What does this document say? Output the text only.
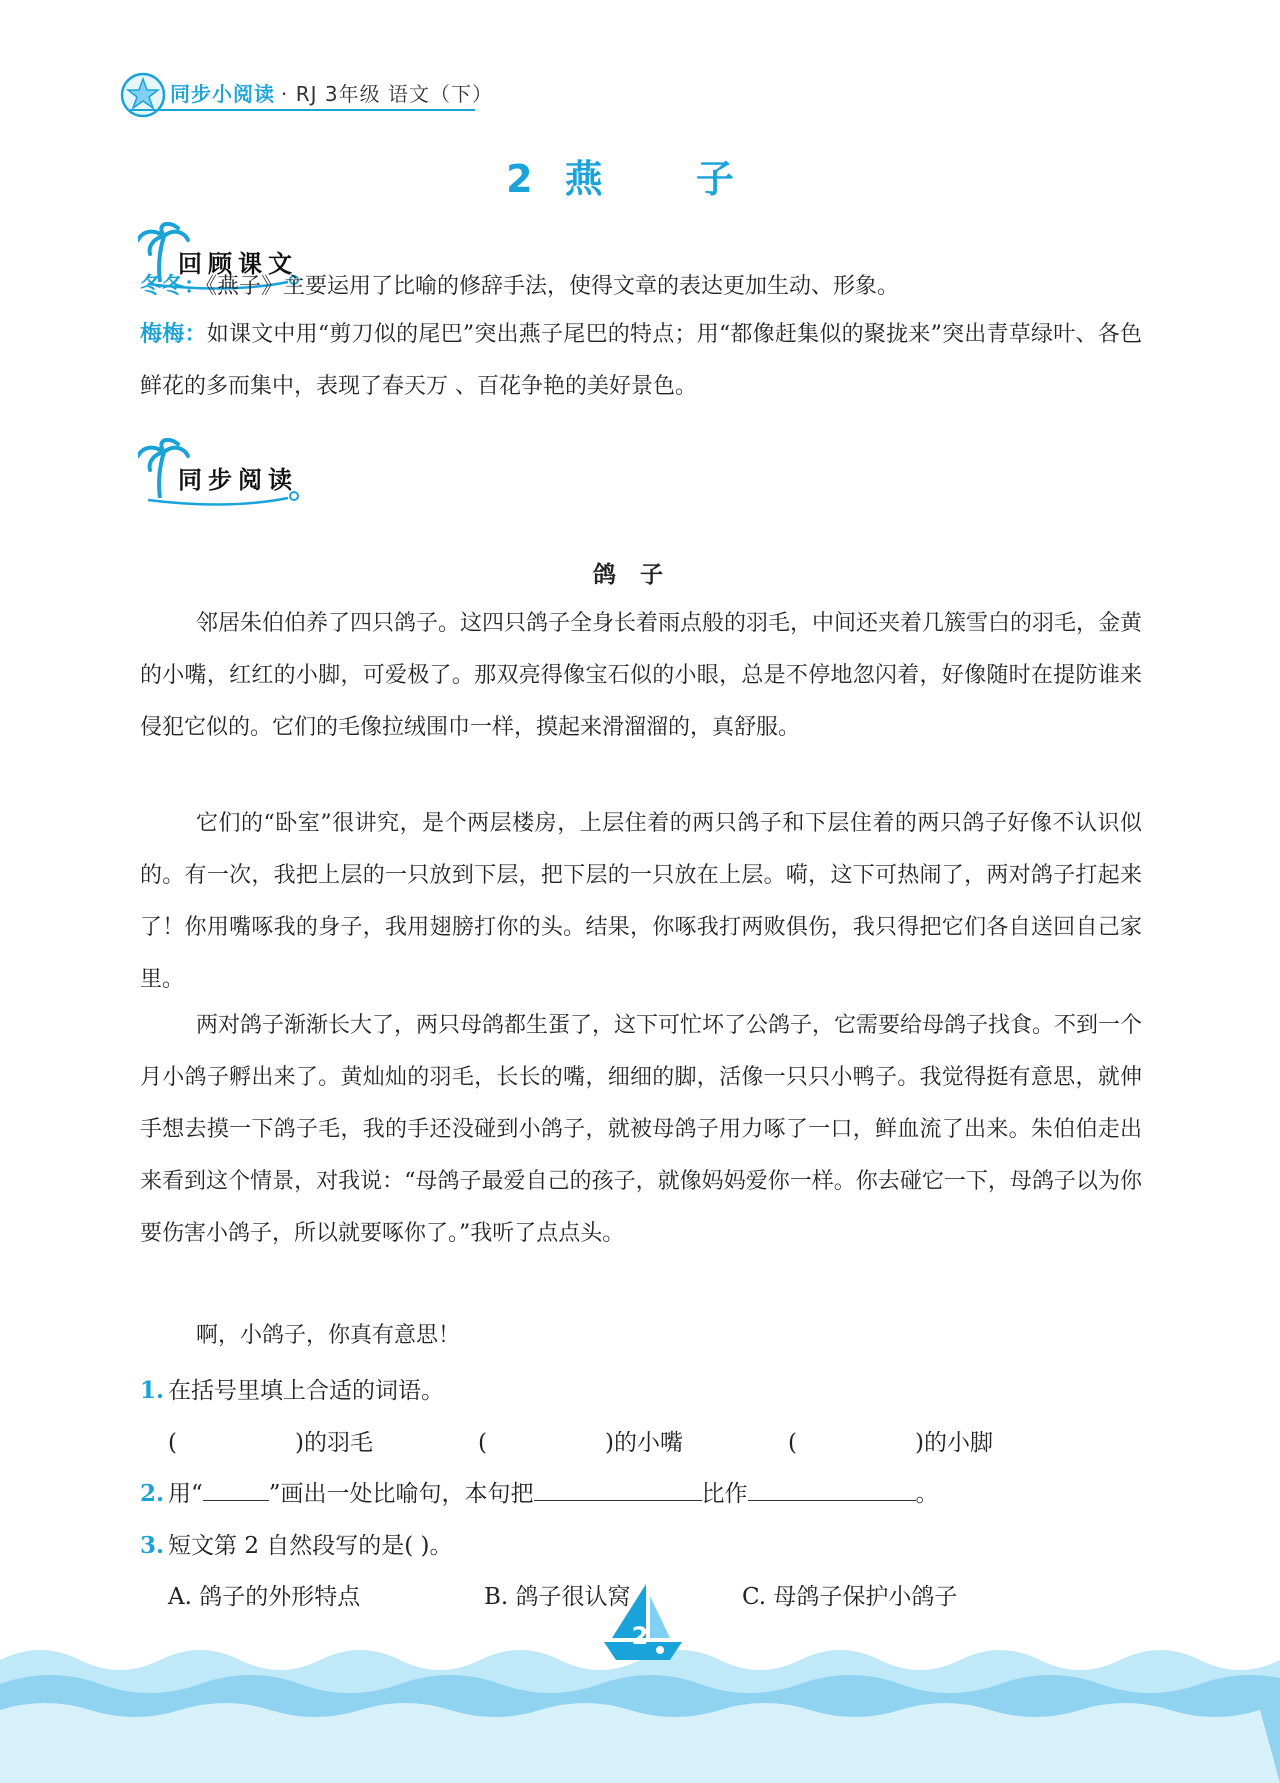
同步小阅读 · RJ 3年级 语文（下）
2 燕 子
回顾课文
冬冬：《燕子》主要运用了比喻的修辞手法，使得文章的表达更加生动、形象。
梅梅：如课文中用“剪刀似的尾巴”突出燕子尾巴的特点；用“都像赶集似的聚拢来”突出青草绿叶、各色鲜花的多而集中，表现了春天万 、百花争艳的美好景色。
同步阅读
鸽子
邻居朱伯伯养了四只鸽子。这四只鸽子全身长着雨点般的羽毛，中间还夹着几簇雪白的羽毛，金黄的小嘴，红红的小脚，可爱极了。那双亮得像宝石似的小眼，总是不停地忽闪着，好像随时在提防谁来侵犯它似的。它们的毛像拉绒围巾一样，摸起来滑溜溜的，真舒服。
它们的“卧室”很讲究，是个两层楼房，上层住着的两只鸽子和下层住着的两只鸽子好像不认识似的。有一次，我把上层的一只放到下层，把下层的一只放在上层。嗬，这下可热闹了，两对鸽子打起来了！你用嘴啄我的身子，我用翅膀打你的头。结果，你啄我打两败俱伤，我只得把它们各自送回自己家里。
两对鸽子渐渐长大了，两只母鸽都生蛋了，这下可忙坏了公鸽子，它需要给母鸽子找食。不到一个月小鸽子孵出来了。黄灿灿的羽毛，长长的嘴，细细的脚，活像一只只小鸭子。我觉得挺有意思，就伸手想去摸一下鸽子毛，我的手还没碰到小鸽子，就被母鸽子用力啄了一口，鲜血流了出来。朱伯伯走出来看到这个情景，对我说：“母鸽子最爱自己的孩子，就像妈妈爱你一样。你去碰它一下，母鸽子以为你要伤害小鸽子，所以就要啄你了。”我听了点点头。
啊，小鸽子，你真有意思！
1. 在括号里填上合适的词语。
(	)的羽毛	(	)的小嘴	(	)的小脚
2. 用“	”画出一处比喻句，本句把	比作	。
3. 短文第 2 自然段写的是( )。
A. 鸽子的外形特点	B. 鸽子很认窝	C. 母鸽子保护小鸽子
2
